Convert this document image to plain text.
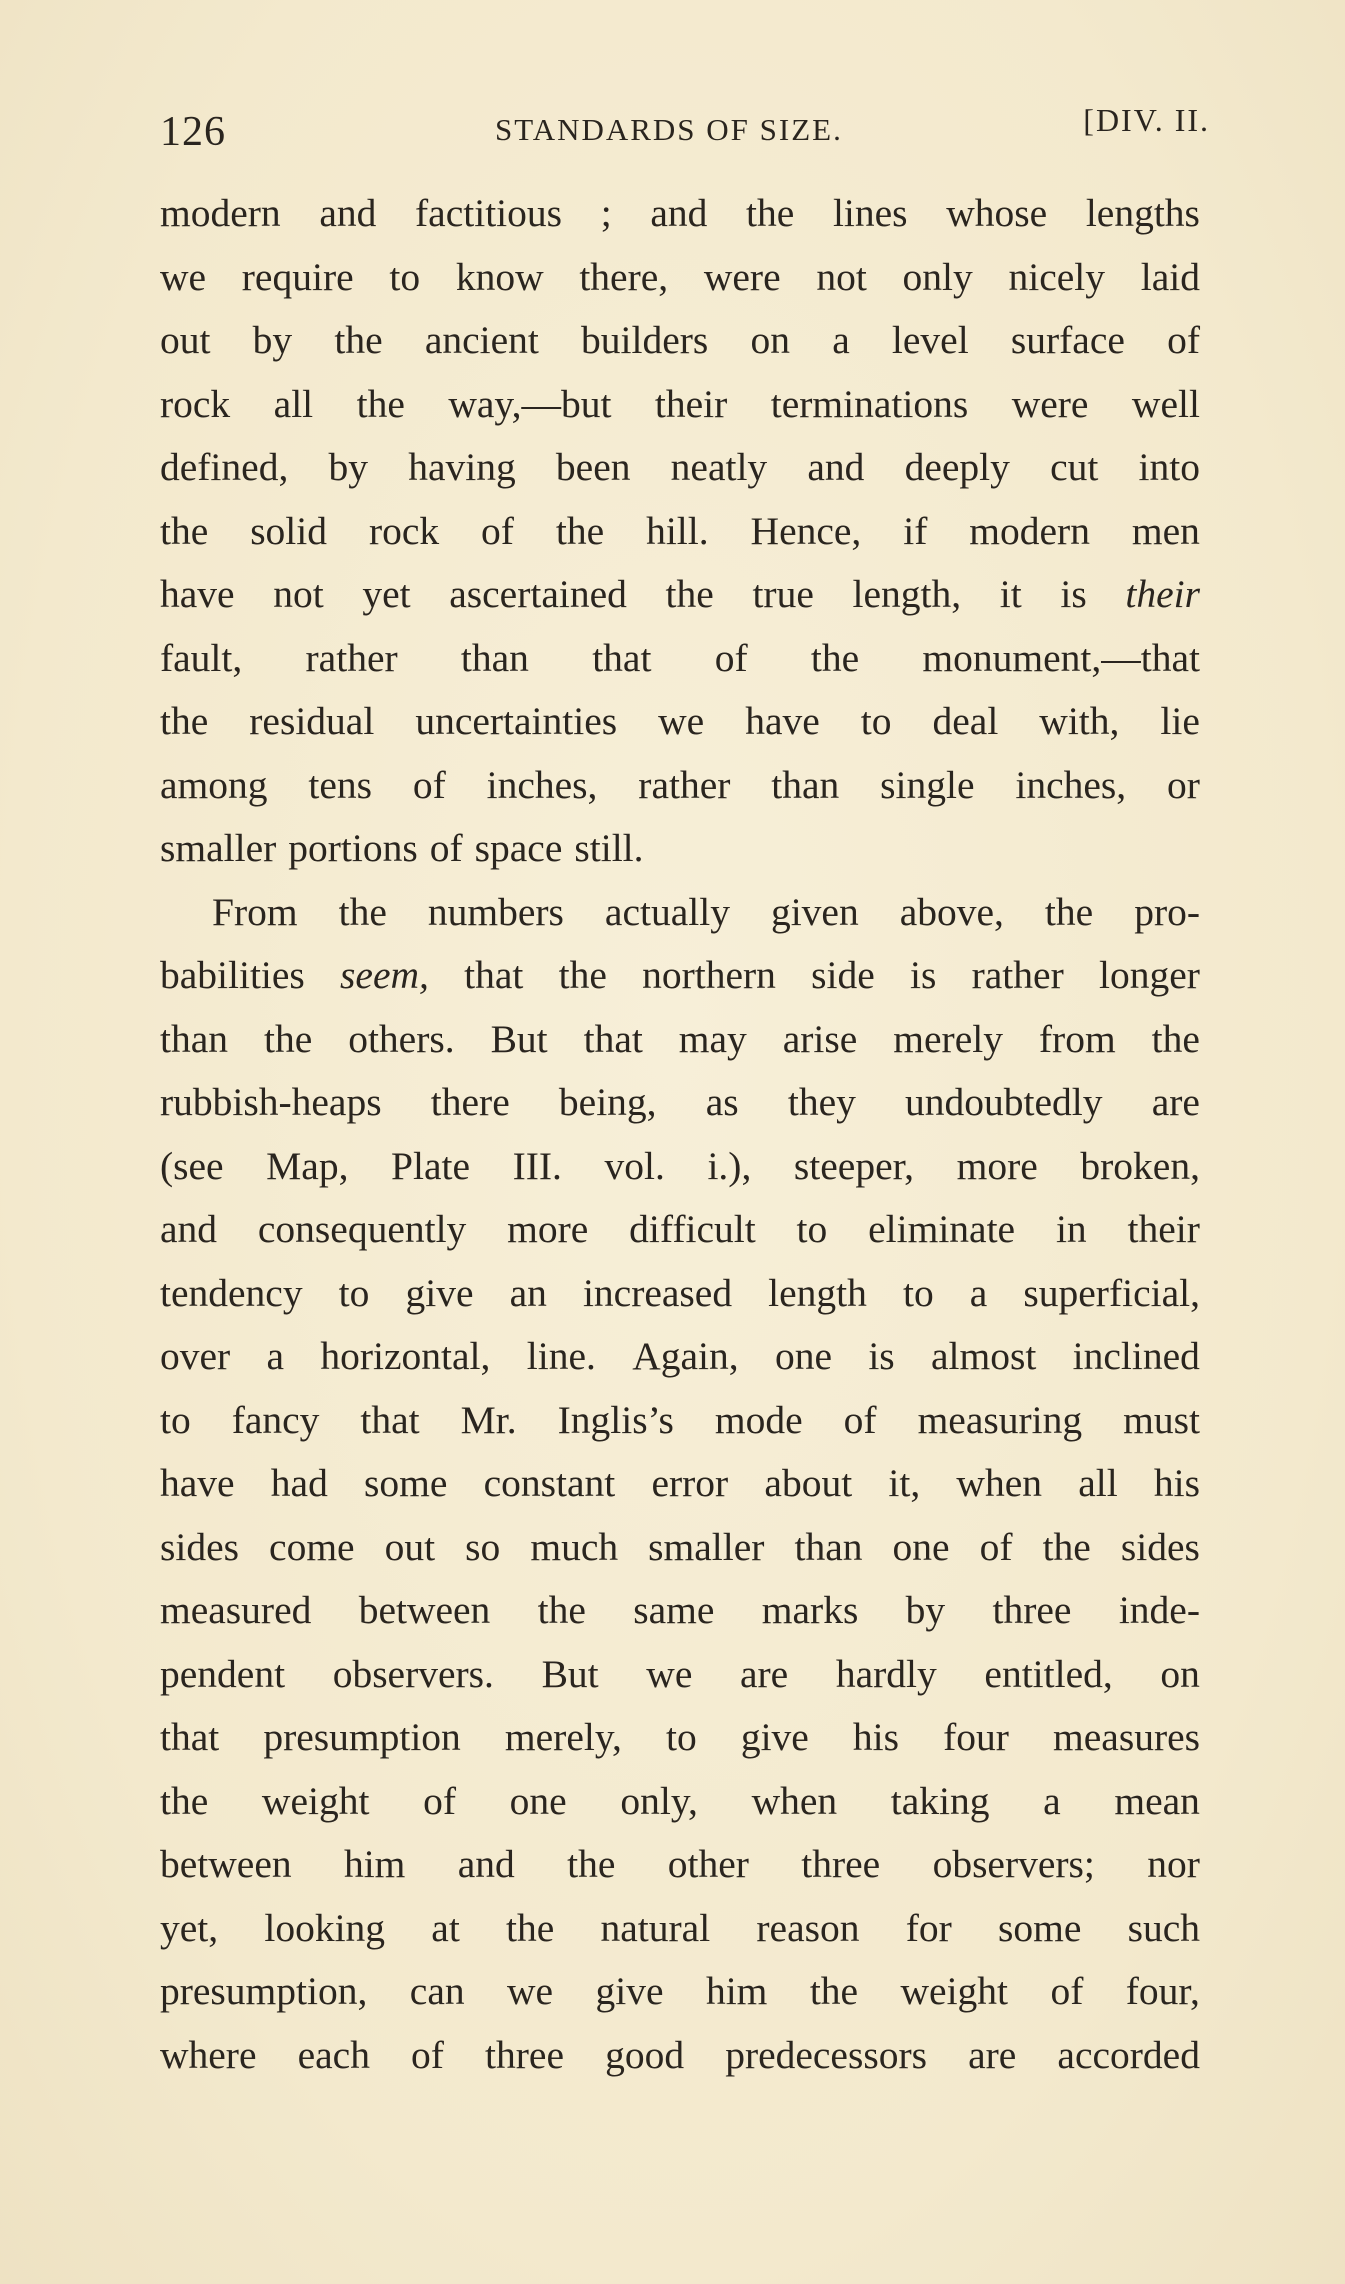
126	STANDARDS OF SIZE.	[DIV. II.
modern and factitious ; and the lines whose lengths
we require to know there, were not only nicely laid
out by the ancient builders on a level surface of
rock all the way,—but their terminations were well
defined, by having been neatly and deeply cut into
the solid rock of the hill. Hence, if modern men
have not yet ascertained the true length, it is their
fault, rather than that of the monument,—that
the residual uncertainties we have to deal with, lie
among tens of inches, rather than single inches, or
smaller portions of space still.
From the numbers actually given above, the pro-
babilities seem, that the northern side is rather longer
than the others. But that may arise merely from the
rubbish-heaps there being, as they undoubtedly are
(see Map, Plate III. vol. i.), steeper, more broken,
and consequently more difficult to eliminate in their
tendency to give an increased length to a superficial,
over a horizontal, line. Again, one is almost inclined
to fancy that Mr. Inglis’s mode of measuring must
have had some constant error about it, when all his
sides come out so much smaller than one of the sides
measured between the same marks by three inde-
pendent observers. But we are hardly entitled, on
that presumption merely, to give his four measures
the weight of one only, when taking a mean
between him and the other three observers; nor
yet, looking at the natural reason for some such
presumption, can we give him the weight of four,
where each of three good predecessors are accorded
